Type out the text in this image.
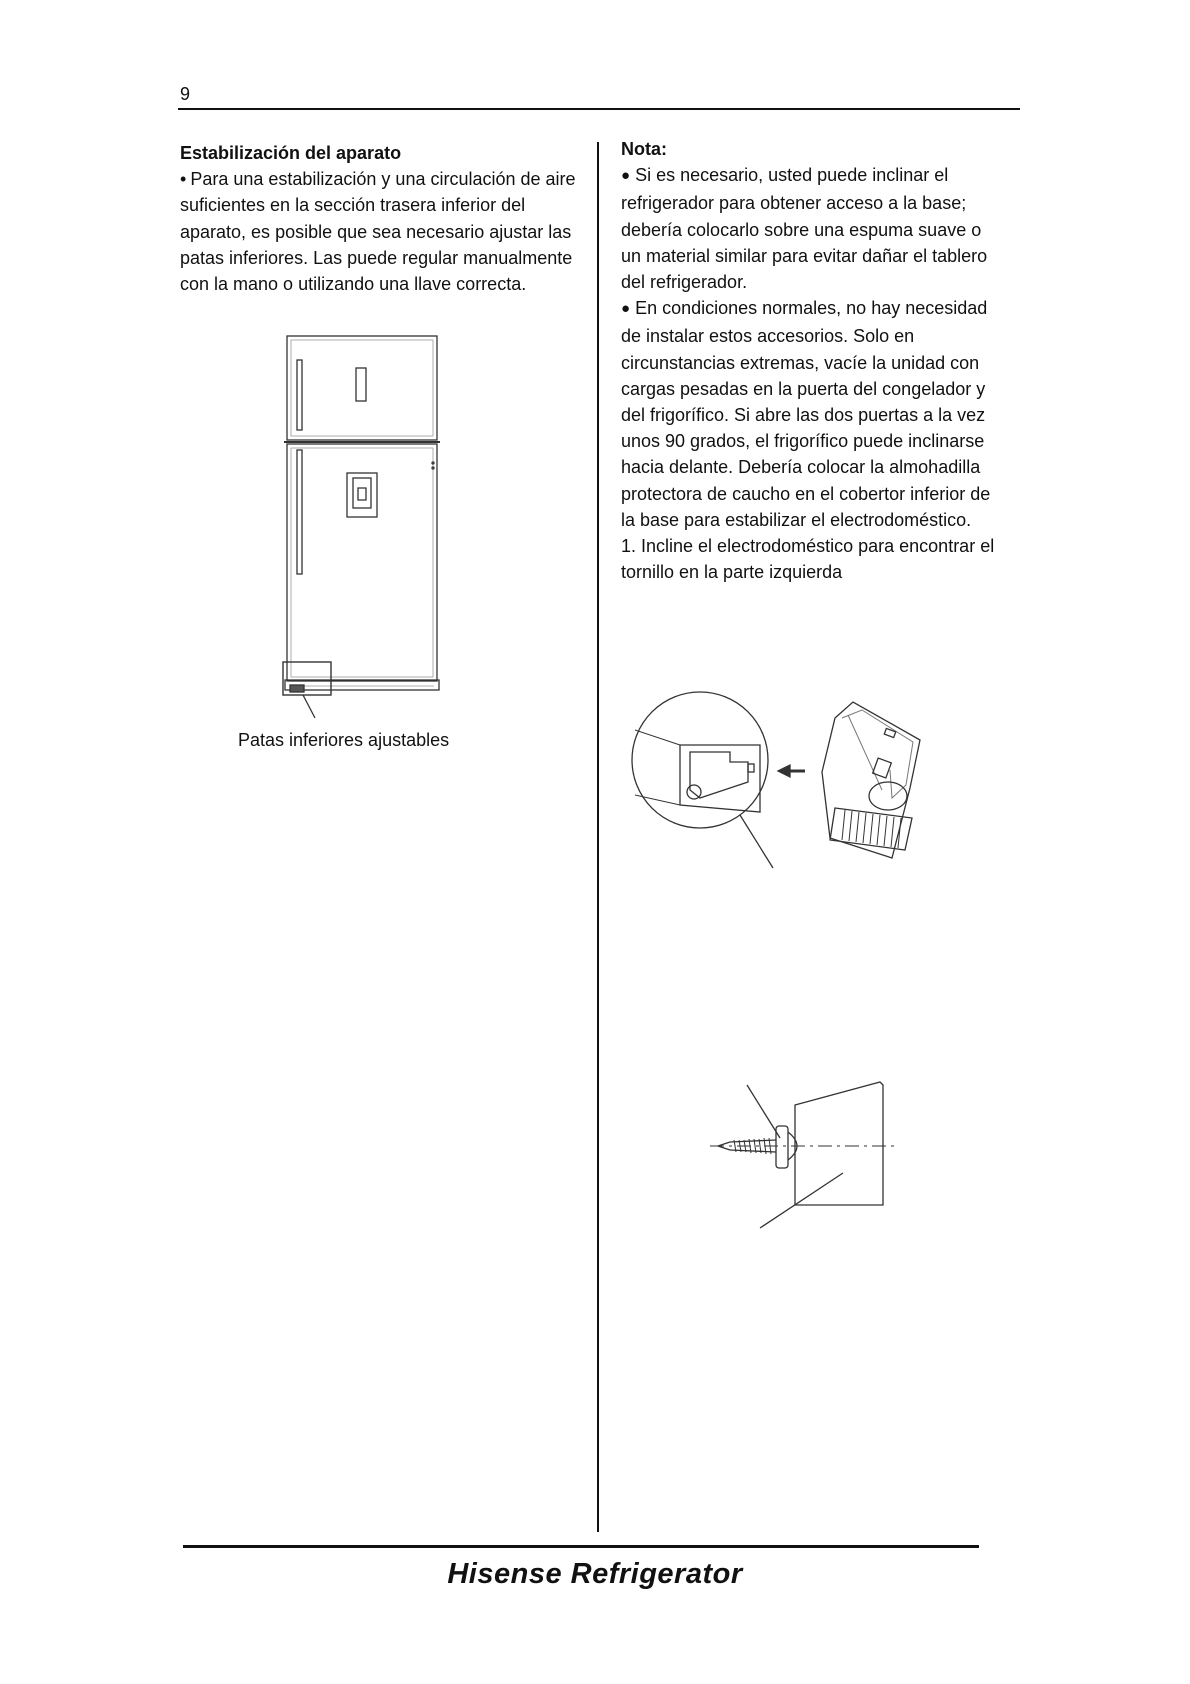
9

Estabilización del aparato

• Para una estabilización y una circulación de aire suficientes en la sección trasera inferior del aparato, es posible que sea necesario ajustar las patas inferiores. Las puede regular manualmente con la mano o utilizando una llave correcta.

Patas inferiores ajustables

Nota:

● Si es necesario, usted puede inclinar el refrigerador para obtener acceso a la base; debería colocarlo sobre una espuma suave o un material similar para evitar dañar el tablero del refrigerador.

● En condiciones normales, no hay necesidad de instalar estos accesorios. Solo en circunstancias extremas, vacíe la unidad con cargas pesadas en la puerta del congelador y del frigorífico. Si abre las dos puertas a la vez unos 90 grados, el frigorífico puede inclinarse hacia delante. Debería colocar la almohadilla protectora de caucho en el cobertor inferior de la base para estabilizar el electrodoméstico.

1. Incline el electrodoméstico para encontrar el tornillo en la parte izquierda

Hisense Refrigerator
